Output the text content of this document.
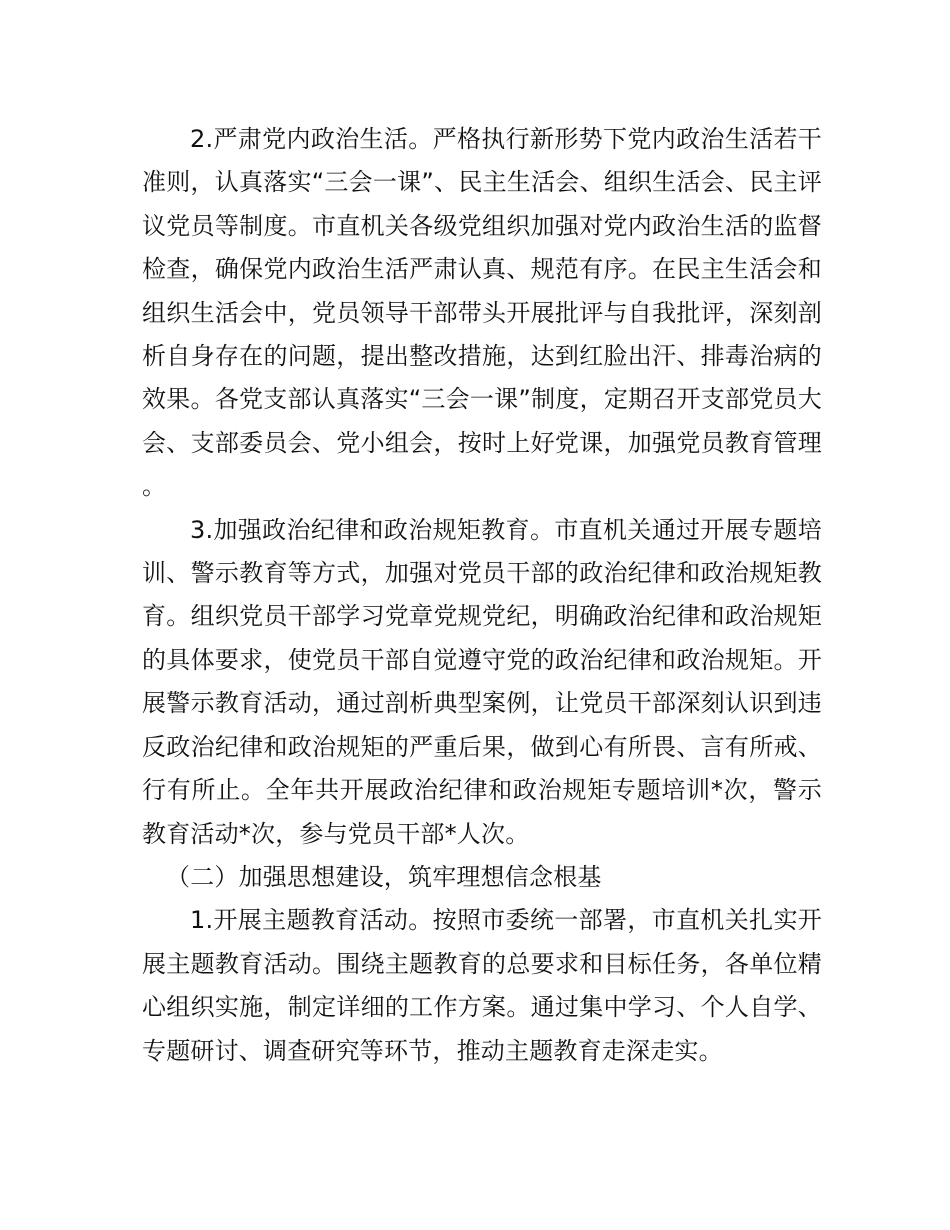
2.严肃党内政治生活。严格执行新形势下党内政治生活若干准则，认真落实“三会一课”、民主生活会、组织生活会、民主评议党员等制度。市直机关各级党组织加强对党内政治生活的监督检查，确保党内政治生活严肃认真、规范有序。在民主生活会和组织生活会中，党员领导干部带头开展批评与自我批评，深刻剖析自身存在的问题，提出整改措施，达到红脸出汗、排毒治病的效果。各党支部认真落实“三会一课”制度，定期召开支部党员大会、支部委员会、党小组会，按时上好党课，加强党员教育管理。

3.加强政治纪律和政治规矩教育。市直机关通过开展专题培训、警示教育等方式，加强对党员干部的政治纪律和政治规矩教育。组织党员干部学习党章党规党纪，明确政治纪律和政治规矩的具体要求，使党员干部自觉遵守党的政治纪律和政治规矩。开展警示教育活动，通过剖析典型案例，让党员干部深刻认识到违反政治纪律和政治规矩的严重后果，做到心有所畏、言有所戒、行有所止。全年共开展政治纪律和政治规矩专题培训*次，警示教育活动*次，参与党员干部*人次。

（二）加强思想建设，筑牢理想信念根基

1.开展主题教育活动。按照市委统一部署，市直机关扎实开展主题教育活动。围绕主题教育的总要求和目标任务，各单位精心组织实施，制定详细的工作方案。通过集中学习、个人自学、专题研讨、调查研究等环节，推动主题教育走深走实。
